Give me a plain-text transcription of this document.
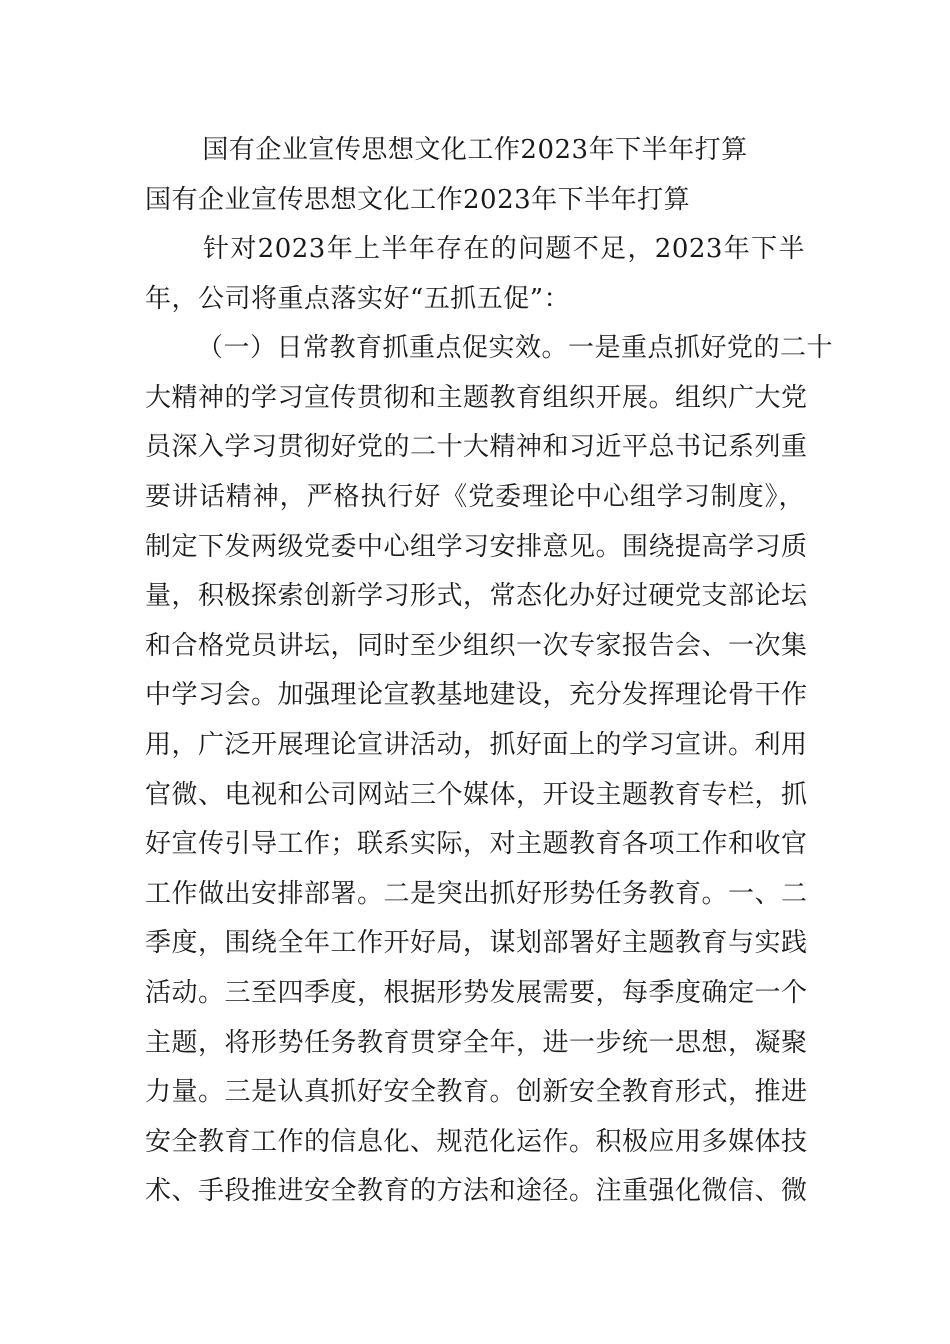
国有企业宣传思想文化工作2023年下半年打算
国有企业宣传思想文化工作2023年下半年打算
针对2023年上半年存在的问题不足，2023年下半
年，公司将重点落实好“五抓五促”：
（一）日常教育抓重点促实效。一是重点抓好党的二十
大精神的学习宣传贯彻和主题教育组织开展。组织广大党
员深入学习贯彻好党的二十大精神和习近平总书记系列重
要讲话精神，严格执行好《党委理论中心组学习制度》，
制定下发两级党委中心组学习安排意见。围绕提高学习质
量，积极探索创新学习形式，常态化办好过硬党支部论坛
和合格党员讲坛，同时至少组织一次专家报告会、一次集
中学习会。加强理论宣教基地建设，充分发挥理论骨干作
用，广泛开展理论宣讲活动，抓好面上的学习宣讲。利用
官微、电视和公司网站三个媒体，开设主题教育专栏，抓
好宣传引导工作；联系实际，对主题教育各项工作和收官
工作做出安排部署。二是突出抓好形势任务教育。一、二
季度，围绕全年工作开好局，谋划部署好主题教育与实践
活动。三至四季度，根据形势发展需要，每季度确定一个
主题，将形势任务教育贯穿全年，进一步统一思想，凝聚
力量。三是认真抓好安全教育。创新安全教育形式，推进
安全教育工作的信息化、规范化运作。积极应用多媒体技
术、手段推进安全教育的方法和途径。注重强化微信、微
